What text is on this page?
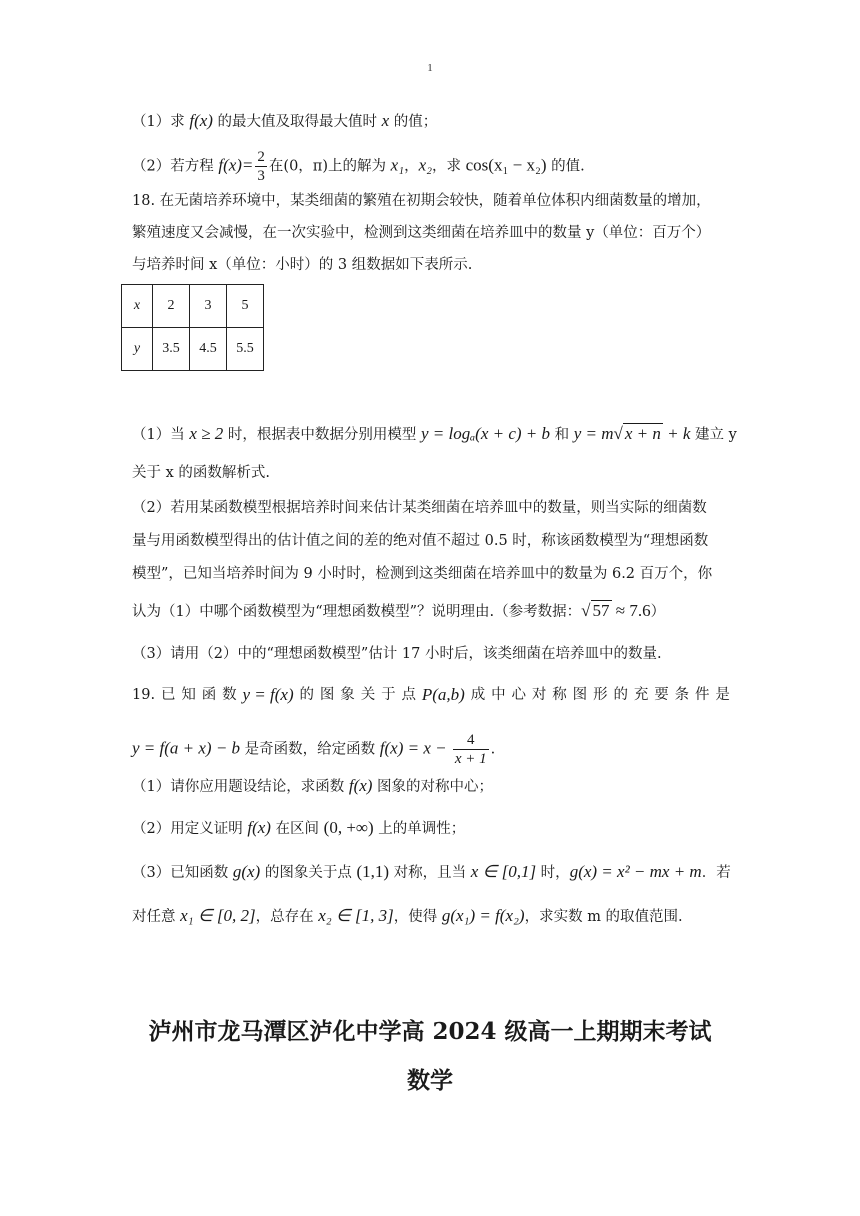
1
（1）求 f(x) 的最大值及取得最大值时 x 的值；
（2）若方程 $f(x)= \frac{2}{3}$ 在(0，π)上的解为 x₁，x₂，求 cos(x₁ − x₂) 的值.
18. 在无菌培养环境中，某类细菌的繁殖在初期会较快，随着单位体积内细菌数量的增加，
繁殖速度又会减慢，在一次实验中，检测到这类细菌在培养皿中的数量 y（单位：百万个）
与培养时间 x（单位：小时）的 3 组数据如下表所示.
x	2	3	5
y	3.5	4.5	5.5
（1）当 x ≥ 2 时，根据表中数据分别用模型 y = logₐ(x + c) + b 和 y = m√ x + n + k 建立 y
关于 x 的函数解析式.
（2）若用某函数模型根据培养时间来估计某类细菌在培养皿中的数量，则当实际的细菌数
量与用函数模型得出的估计值之间的差的绝对值不超过 0.5 时，称该函数模型为“理想函数
模型”，已知当培养时间为 9 小时时，检测到这类细菌在培养皿中的数量为 6.2 百万个，你
认为（1）中哪个函数模型为“理想函数模型”？说明理由.（参考数据：√ 57 ≈ 7.6）
（3）请用（2）中的“理想函数模型”估计 17 小时后，该类细菌在培养皿中的数量.
19. 已 知 函 数 y = f(x) 的 图 象 关 于 点 P(a,b) 成 中 心 对 称 图 形 的 充 要 条 件 是
y = f(a + x) − b 是奇函数，给定函数 $f(x) = x - \frac{4}{x + 1}$ .
（1）请你应用题设结论，求函数 f(x) 图象的对称中心；
（2）用定义证明 f(x) 在区间 (0, +∞) 上的单调性；
（3）已知函数 g(x) 的图象关于点 (1,1) 对称，且当 x ∈ [0,1] 时，g(x) = x² − mx + m．若
对任意 x₁ ∈ [0, 2]，总存在 x₂ ∈ [1, 3]，使得 g(x₁) = f(x₂)，求实数 m 的取值范围.
泸州市龙马潭区泸化中学高 2024 级高一上期期末考试
数学
